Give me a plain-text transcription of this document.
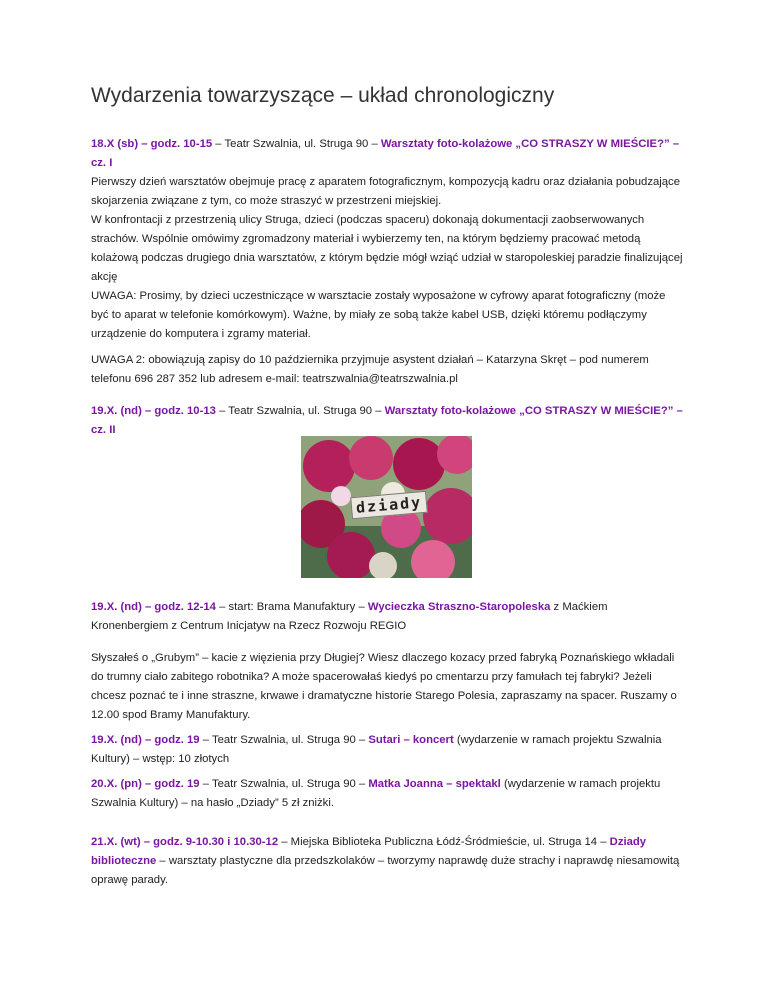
Wydarzenia towarzyszące – układ chronologiczny

18.X (sb) – godz. 10-15 – Teatr Szwalnia, ul. Struga 90 – Warsztaty foto-kolażowe „CO STRASZY W MIEŚCIE?” – cz. I

Pierwszy dzień warsztatów obejmuje pracę z aparatem fotograficznym, kompozycją kadru oraz działania pobudzające skojarzenia związane z tym, co może straszyć w przestrzeni miejskiej.

W konfrontacji z przestrzenią ulicy Struga, dzieci (podczas spaceru) dokonają dokumentacji zaobserwowanych strachów. Wspólnie omówimy zgromadzony materiał i wybierzemy ten, na którym będziemy pracować metodą kolażową podczas drugiego dnia warsztatów, z którym będzie mógł wziąć udział w staropoleskiej paradzie finalizującej akcję

UWAGA: Prosimy, by dzieci uczestniczące w warsztacie zostały wyposażone w cyfrowy aparat fotograficzny (może być to aparat w telefonie komórkowym). Ważne, by miały ze sobą także kabel USB, dzięki któremu podłączymy urządzenie do komputera i zgramy materiał.

UWAGA 2: obowiązują zapisy do 10 października przyjmuje asystent działań – Katarzyna Skręt – pod numerem telefonu 696 287 352 lub adresem e-mail: teatrszwalnia@teatrszwalnia.pl

19.X. (nd) – godz. 10-13 – Teatr Szwalnia, ul. Struga 90 – Warsztaty foto-kolażowe „CO STRASZY W MIEŚCIE?” – cz. II

dziady

19.X. (nd) – godz. 12-14 – start: Brama Manufaktury – Wycieczka Straszno-Staropoleska z Maćkiem Kronenbergiem z Centrum Inicjatyw na Rzecz Rozwoju REGIO

Słyszałeś o „Grubym” – kacie z więzienia przy Długiej? Wiesz dlaczego kozacy przed fabryką Poznańskiego wkładali do trumny ciało zabitego robotnika? A może spacerowałaś kiedyś po cmentarzu przy famułach tej fabryki? Jeżeli chcesz poznać te i inne straszne, krwawe i dramatyczne historie Starego Polesia, zapraszamy na spacer. Ruszamy o 12.00 spod Bramy Manufaktury.

19.X. (nd) – godz. 19 – Teatr Szwalnia, ul. Struga 90 – Sutari – koncert (wydarzenie w ramach projektu Szwalnia Kultury) – wstęp: 10 złotych

20.X. (pn) – godz. 19 – Teatr Szwalnia, ul. Struga 90 – Matka Joanna – spektakl (wydarzenie w ramach projektu Szwalnia Kultury) – na hasło „Dziady” 5 zł zniżki.

21.X. (wt) – godz. 9-10.30 i 10.30-12 – Miejska Biblioteka Publiczna Łódź-Śródmieście, ul. Struga 14 – Dziady biblioteczne – warsztaty plastyczne dla przedszkolaków – tworzymy naprawdę duże strachy i naprawdę niesamowitą oprawę parady.
